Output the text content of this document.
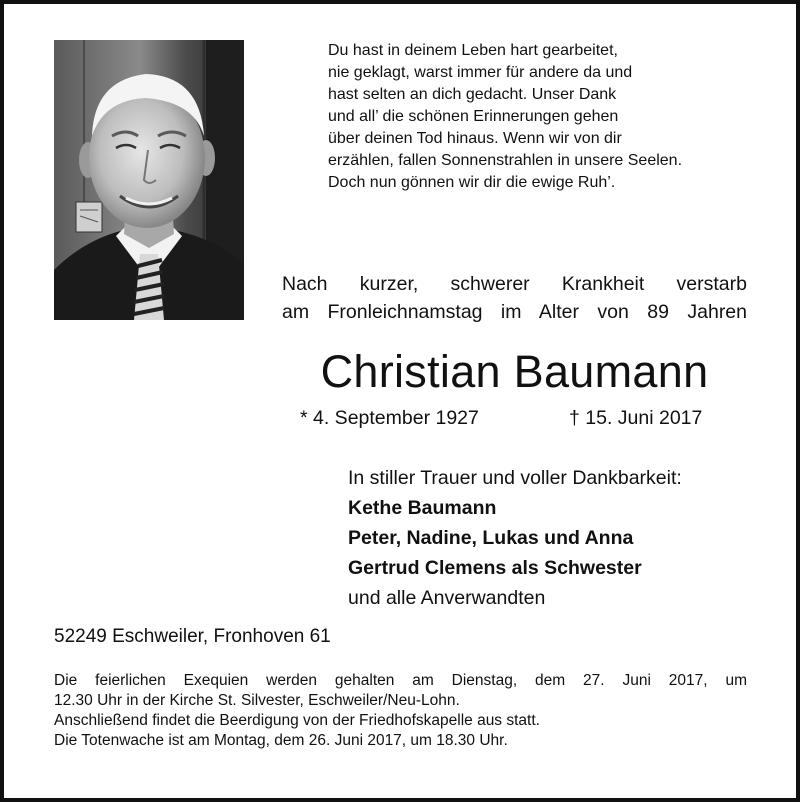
Du hast in deinem Leben hart gearbeitet,
nie geklagt, warst immer für andere da und
hast selten an dich gedacht. Unser Dank
und all’ die schönen Erinnerungen gehen
über deinen Tod hinaus. Wenn wir von dir
erzählen, fallen Sonnenstrahlen in unsere Seelen.
Doch nun gönnen wir dir die ewige Ruh’.
Nach kurzer, schwerer Krankheit verstarb
am Fronleichnamstag im Alter von 89 Jahren
Christian Baumann
* 4. September 1927	† 15. Juni 2017
In stiller Trauer und voller Dankbarkeit:
Kethe Baumann
Peter, Nadine, Lukas und Anna
Gertrud Clemens als Schwester
und alle Anverwandten
52249 Eschweiler, Fronhoven 61
Die feierlichen Exequien werden gehalten am Dienstag, dem 27. Juni 2017, um
12.30 Uhr in der Kirche St. Silvester, Eschweiler/Neu-Lohn.
Anschließend findet die Beerdigung von der Friedhofskapelle aus statt.
Die Totenwache ist am Montag, dem 26. Juni 2017, um 18.30 Uhr.
